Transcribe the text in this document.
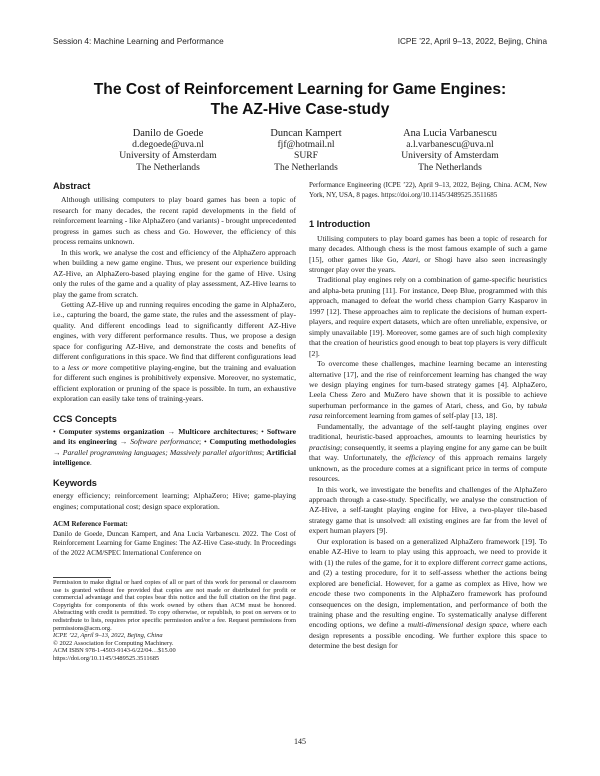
Session 4: Machine Learning and Performance	ICPE ’22, April 9–13, 2022, Bejing, China
The Cost of Reinforcement Learning for Game Engines:
The AZ-Hive Case-study
Danilo de Goede
d.degoede@uva.nl
University of Amsterdam
The Netherlands
Duncan Kampert
fjf@hotmail.nl
SURF
The Netherlands
Ana Lucia Varbanescu
a.l.varbanescu@uva.nl
University of Amsterdam
The Netherlands
Abstract

Although utilising computers to play board games has been a topic of research for many decades, the recent rapid developments in the field of reinforcement learning - like AlphaZero (and variants) - brought unprecedented progress in games such as chess and Go. However, the efficiency of this process remains unknown.

In this work, we analyse the cost and efficiency of the AlphaZero approach when building a new game engine. Thus, we present our experience building AZ-Hive, an AlphaZero-based playing engine for the game of Hive. Using only the rules of the game and a quality of play assessment, AZ-Hive learns to play the game from scratch.

Getting AZ-Hive up and running requires encoding the game in AlphaZero, i.e., capturing the board, the game state, the rules and the assessment of play-quality. And different encodings lead to significantly different AZ-Hive engines, with very different performance results. Thus, we propose a design space for configuring AZ-Hive, and demonstrate the costs and benefits of different configurations in this space. We find that different configurations lead to a less or more competitive playing-engine, but the training and evaluation for different such engines is prohibitively expensive. Moreover, no systematic, efficient exploration or pruning of the space is possible. In turn, an exhaustive exploration can easily take tens of training-years.

CCS Concepts

• Computer systems organization → Multicore architectures; • Software and its engineering → Software performance; • Computing methodologies → Parallel programming languages; Massively parallel algorithms; Artificial intelligence.

Keywords

energy efficiency; reinforcement learning; AlphaZero; Hive; game-playing engines; computational cost; design space exploration.

ACM Reference Format:
Danilo de Goede, Duncan Kampert, and Ana Lucia Varbanescu. 2022. The Cost of Reinforcement Learning for Game Engines: The AZ-Hive Case-study. In Proceedings of the 2022 ACM/SPEC International Conference on

Permission to make digital or hard copies of all or part of this work for personal or classroom use is granted without fee provided that copies are not made or distributed for profit or commercial advantage and that copies bear this notice and the full citation on the first page. Copyrights for components of this work owned by others than ACM must be honored. Abstracting with credit is permitted. To copy otherwise, or republish, to post on servers or to redistribute to lists, requires prior specific permission and/or a fee. Request permissions from permissions@acm.org.

ICPE ’22, April 9–13, 2022, Bejing, China

© 2022 Association for Computing Machinery.

ACM ISBN 978-1-4503-9143-6/22/04…$15.00

https://doi.org/10.1145/3489525.3511685

Performance Engineering (ICPE ’22), April 9–13, 2022, Bejing, China. ACM, New York, NY, USA, 8 pages. https://doi.org/10.1145/3489525.3511685

1 Introduction

Utilising computers to play board games has been a topic of research for many decades. Although chess is the most famous example of such a game [15], other games like Go, Atari, or Shogi have also seen increasingly stronger play over the years.

Traditional play engines rely on a combination of game-specific heuristics and alpha-beta pruning [11]. For instance, Deep Blue, programmed with this approach, managed to defeat the world chess champion Garry Kasparov in 1997 [12]. These approaches aim to replicate the decisions of human expert-players, and require expert datasets, which are often unreliable, expensive, or simply unavailable [19]. Moreover, some games are of such high complexity that the creation of heuristics good enough to beat top players is very difficult [2].

To overcome these challenges, machine learning became an interesting alternative [17], and the rise of reinforcement learning has changed the way we design playing engines for turn-based strategy games [4]. AlphaZero, Leela Chess Zero and MuZero have shown that it is possible to achieve superhuman performance in the games of Atari, chess, and Go, by tabula rasa reinforcement learning from games of self-play [13, 18].

Fundamentally, the advantage of the self-taught playing engines over traditional, heuristic-based approaches, amounts to learning heuristics by practising; consequently, it seems a playing engine for any game can be built that way. Unfortunately, the efficiency of this approach remains largely unknown, as the procedure comes at a significant price in terms of compute resources.

In this work, we investigate the benefits and challenges of the AlphaZero approach through a case-study. Specifically, we analyse the construction of AZ-Hive, a self-taught playing engine for Hive, a two-player tile-based strategy game that is unsolved: all existing engines are far from the level of expert human players [9].

Our exploration is based on a generalized AlphaZero framework [19]. To enable AZ-Hive to learn to play using this approach, we need to provide it with (1) the rules of the game, for it to explore different correct game actions, and (2) a testing procedure, for it to self-assess whether the actions being explored are beneficial. However, for a game as complex as Hive, how we encode these two components in the AlphaZero framework has profound consequences on the design, implementation, and performance of both the training phase and the resulting engine. To systematically analyse different encoding options, we define a multi-dimensional design space, where each design represents a possible encoding. We further explore this space to determine the best design for

145
